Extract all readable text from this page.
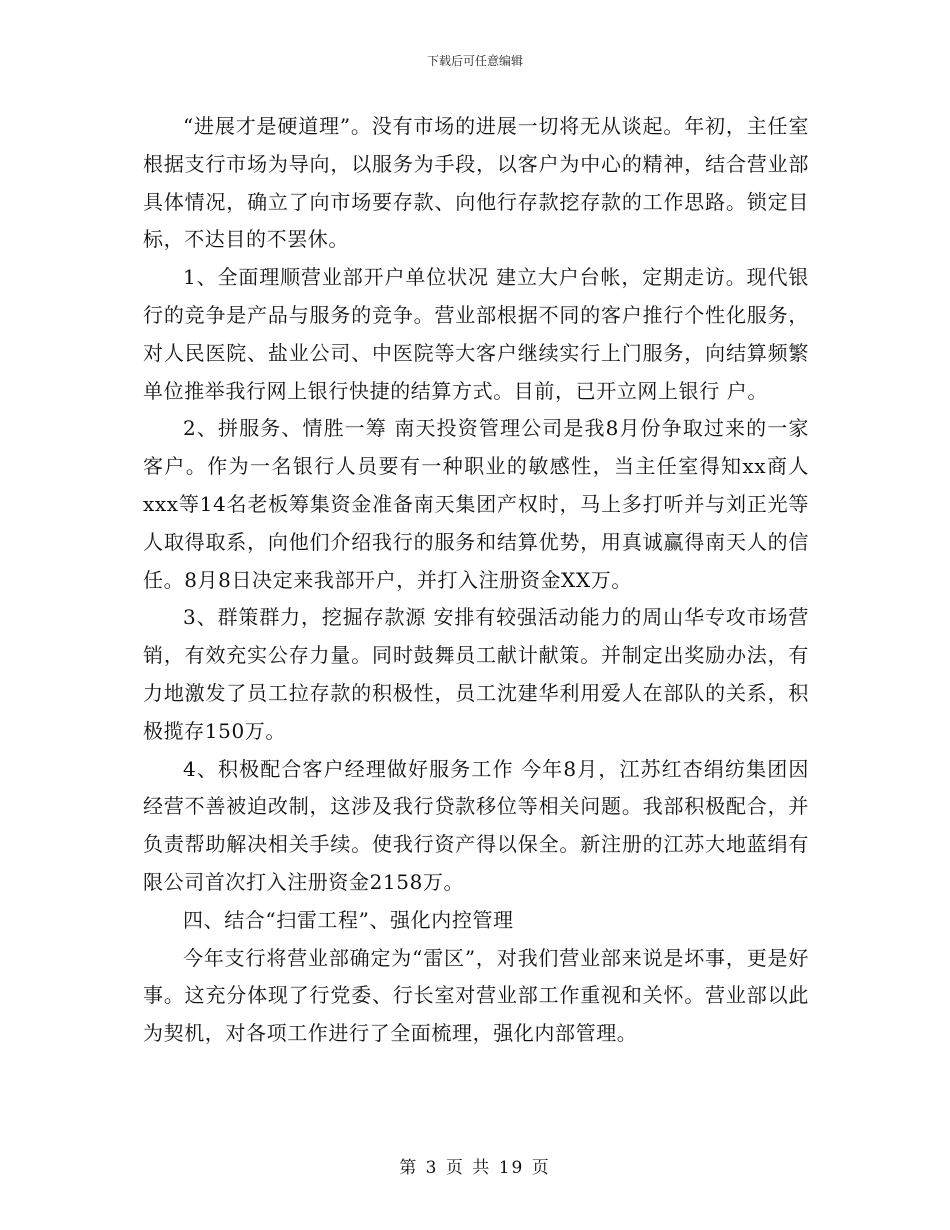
下载后可任意编辑

“进展才是硬道理”。没有市场的进展一切将无从谈起。年初，主任室根据支行市场为导向，以服务为手段，以客户为中心的精神，结合营业部具体情况，确立了向市场要存款、向他行存款挖存款的工作思路。锁定目标，不达目的不罢休。

1、全面理顺营业部开户单位状况 建立大户台帐，定期走访。现代银行的竞争是产品与服务的竞争。营业部根据不同的客户推行个性化服务，对人民医院、盐业公司、中医院等大客户继续实行上门服务，向结算频繁单位推举我行网上银行快捷的结算方式。目前，已开立网上银行 户。

2、拼服务、情胜一筹 南天投资管理公司是我8月份争取过来的一家客户。作为一名银行人员要有一种职业的敏感性，当主任室得知xx商人xxx等14名老板筹集资金准备南天集团产权时，马上多打听并与刘正光等人取得取系，向他们介绍我行的服务和结算优势，用真诚赢得南天人的信任。8月8日决定来我部开户，并打入注册资金XX万。

3、群策群力，挖掘存款源 安排有较强活动能力的周山华专攻市场营销，有效充实公存力量。同时鼓舞员工献计献策。并制定出奖励办法，有力地激发了员工拉存款的积极性，员工沈建华利用爱人在部队的关系，积极揽存150万。

4、积极配合客户经理做好服务工作 今年8月，江苏红杏绢纺集团因经营不善被迫改制，这涉及我行贷款移位等相关问题。我部积极配合，并负责帮助解决相关手续。使我行资产得以保全。新注册的江苏大地蓝绢有限公司首次打入注册资金2158万。

四、结合“扫雷工程”、强化内控管理

今年支行将营业部确定为“雷区”，对我们营业部来说是坏事，更是好事。这充分体现了行党委、行长室对营业部工作重视和关怀。营业部以此为契机，对各项工作进行了全面梳理，强化内部管理。

第 3 页 共 19 页
